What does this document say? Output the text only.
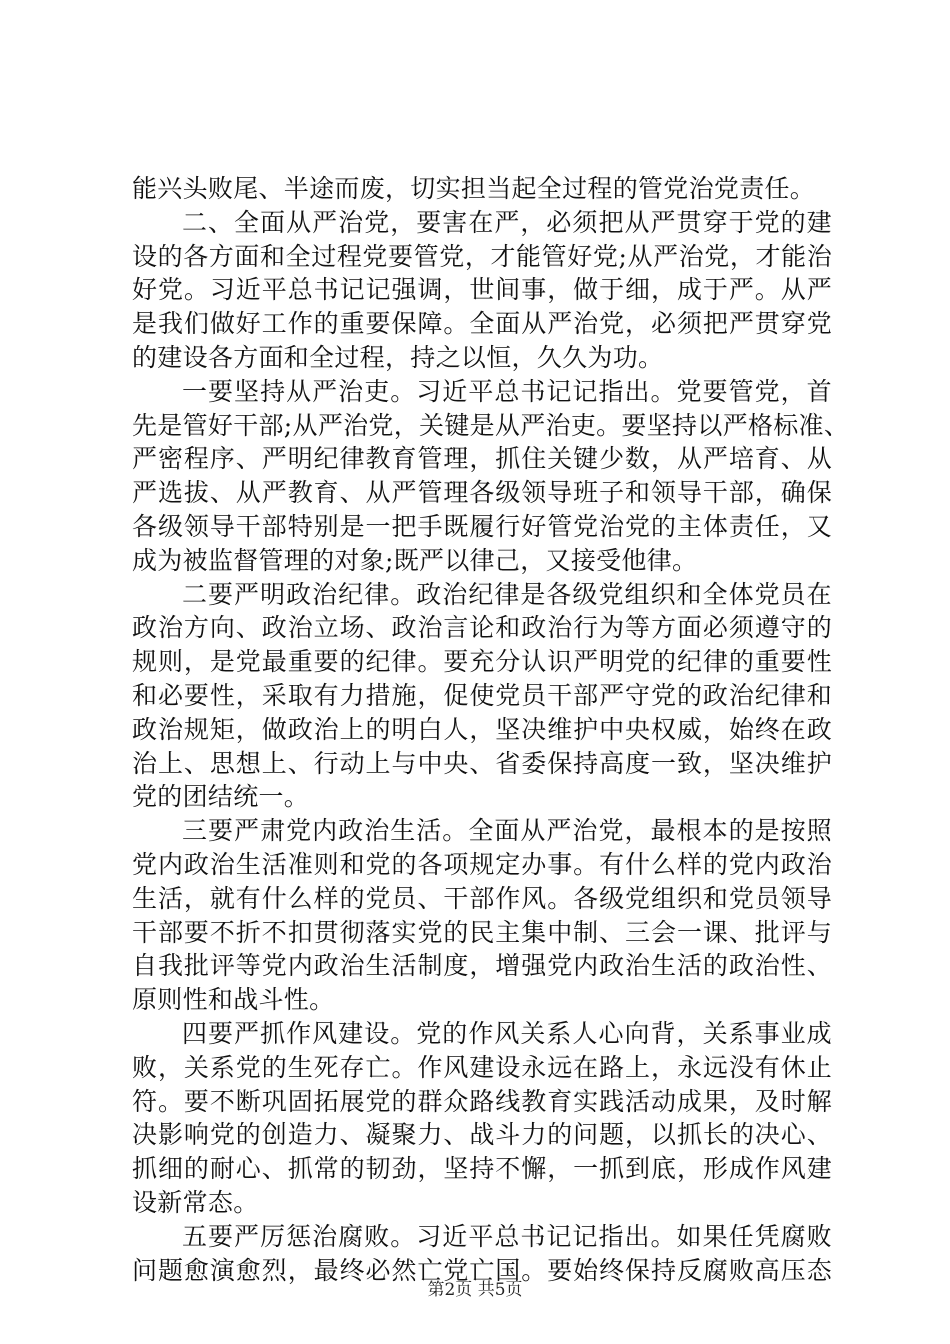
能兴头败尾、半途而废，切实担当起全过程的管党治党责任。
二、全面从严治党，要害在严，必须把从严贯穿于党的建
设的各方面和全过程党要管党，才能管好党;从严治党，才能治
好党。习近平总书记记强调，世间事，做于细，成于严。从严
是我们做好工作的重要保障。全面从严治党，必须把严贯穿党
的建设各方面和全过程，持之以恒，久久为功。
一要坚持从严治吏。习近平总书记记指出。党要管党，首
先是管好干部;从严治党，关键是从严治吏。要坚持以严格标准、
严密程序、严明纪律教育管理，抓住关键少数，从严培育、从
严选拔、从严教育、从严管理各级领导班子和领导干部，确保
各级领导干部特别是一把手既履行好管党治党的主体责任，又
成为被监督管理的对象;既严以律己，又接受他律。
二要严明政治纪律。政治纪律是各级党组织和全体党员在
政治方向、政治立场、政治言论和政治行为等方面必须遵守的
规则，是党最重要的纪律。要充分认识严明党的纪律的重要性
和必要性，采取有力措施，促使党员干部严守党的政治纪律和
政治规矩，做政治上的明白人，坚决维护中央权威，始终在政
治上、思想上、行动上与中央、省委保持高度一致，坚决维护
党的团结统一。
三要严肃党内政治生活。全面从严治党，最根本的是按照
党内政治生活准则和党的各项规定办事。有什么样的党内政治
生活，就有什么样的党员、干部作风。各级党组织和党员领导
干部要不折不扣贯彻落实党的民主集中制、三会一课、批评与
自我批评等党内政治生活制度，增强党内政治生活的政治性、
原则性和战斗性。
四要严抓作风建设。党的作风关系人心向背，关系事业成
败，关系党的生死存亡。作风建设永远在路上，永远没有休止
符。要不断巩固拓展党的群众路线教育实践活动成果，及时解
决影响党的创造力、凝聚力、战斗力的问题，以抓长的决心、
抓细的耐心、抓常的韧劲，坚持不懈，一抓到底，形成作风建
设新常态。
五要严厉惩治腐败。习近平总书记记指出。如果任凭腐败
问题愈演愈烈，最终必然亡党亡国。要始终保持反腐败高压态
第2页 共5页
